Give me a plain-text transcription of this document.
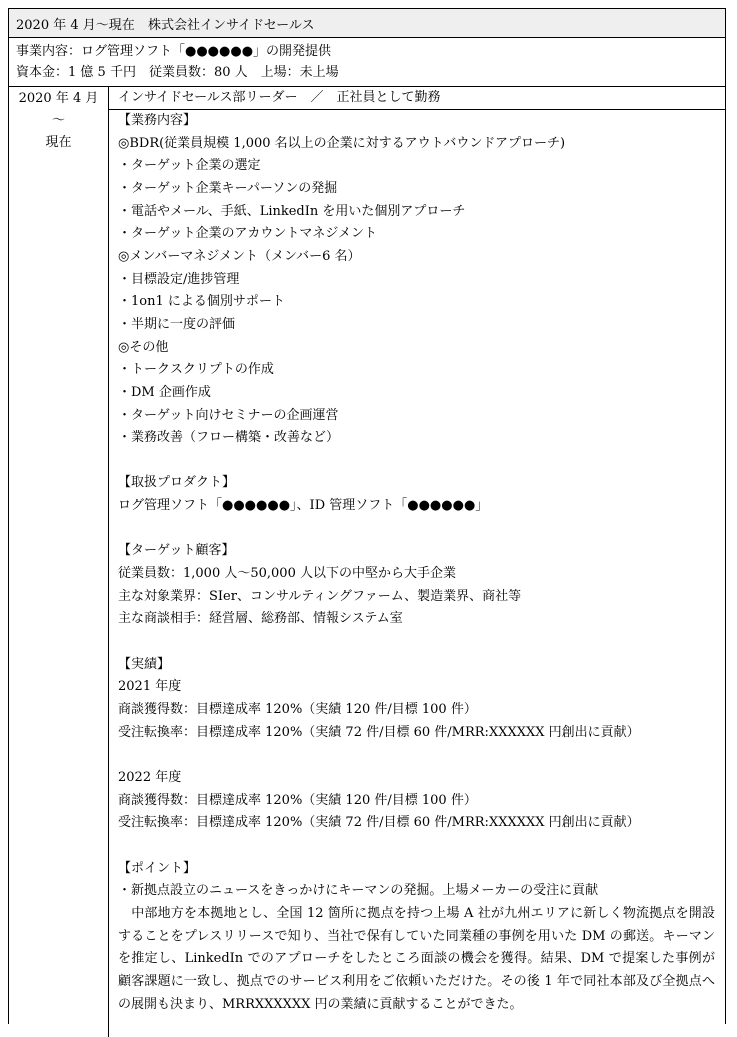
2020 年 4 月～現在	株式会社インサイドセールス
事業内容：ログ管理ソフト「●●●●●●」の開発提供
資本金：1 億 5 千円　従業員数：80 人　上場：未上場
2020 年 4 月
～
現在
インサイドセールス部リーダー　／　正社員として勤務
【業務内容】
◎BDR(従業員規模 1,000 名以上の企業に対するアウトバウンドアプローチ)
・ターゲット企業の選定
・ターゲット企業キーパーソンの発掘
・電話やメール、手紙、LinkedIn を用いた個別アプローチ
・ターゲット企業のアカウントマネジメント
◎メンバーマネジメント（メンバー6 名）
・目標設定/進捗管理
・1on1 による個別サポート
・半期に一度の評価
◎その他
・トークスクリプトの作成
・DM 企画作成
・ターゲット向けセミナーの企画運営
・業務改善（フロー構築・改善など）
【取扱プロダクト】
ログ管理ソフト「●●●●●●」、ID 管理ソフト「●●●●●●」
【ターゲット顧客】
従業員数：1,000 人～50,000 人以下の中堅から大手企業
主な対象業界：SIer、コンサルティングファーム、製造業界、商社等
主な商談相手：経営層、総務部、情報システム室
【実績】
2021 年度
商談獲得数：目標達成率 120%（実績 120 件/目標 100 件）
受注転換率：目標達成率 120%（実績 72 件/目標 60 件/MRR:XXXXXX 円創出に貢献）
2022 年度
商談獲得数：目標達成率 120%（実績 120 件/目標 100 件）
受注転換率：目標達成率 120%（実績 72 件/目標 60 件/MRR:XXXXXX 円創出に貢献）
【ポイント】
・新拠点設立のニュースをきっかけにキーマンの発掘。上場メーカーの受注に貢献
　中部地方を本拠地とし、全国 12 箇所に拠点を持つ上場 A 社が九州エリアに新しく物流拠点を開設することをプレスリリースで知り、当社で保有していた同業種の事例を用いた DM の郵送。キーマンを推定し、LinkedIn でのアプローチをしたところ面談の機会を獲得。結果、DM で提案した事例が顧客課題に一致し、拠点でのサービス利用をご依頼いただけた。その後 1 年で同社本部及び全拠点への展開も決まり、MRRXXXXXX 円の業績に貢献することができた。
